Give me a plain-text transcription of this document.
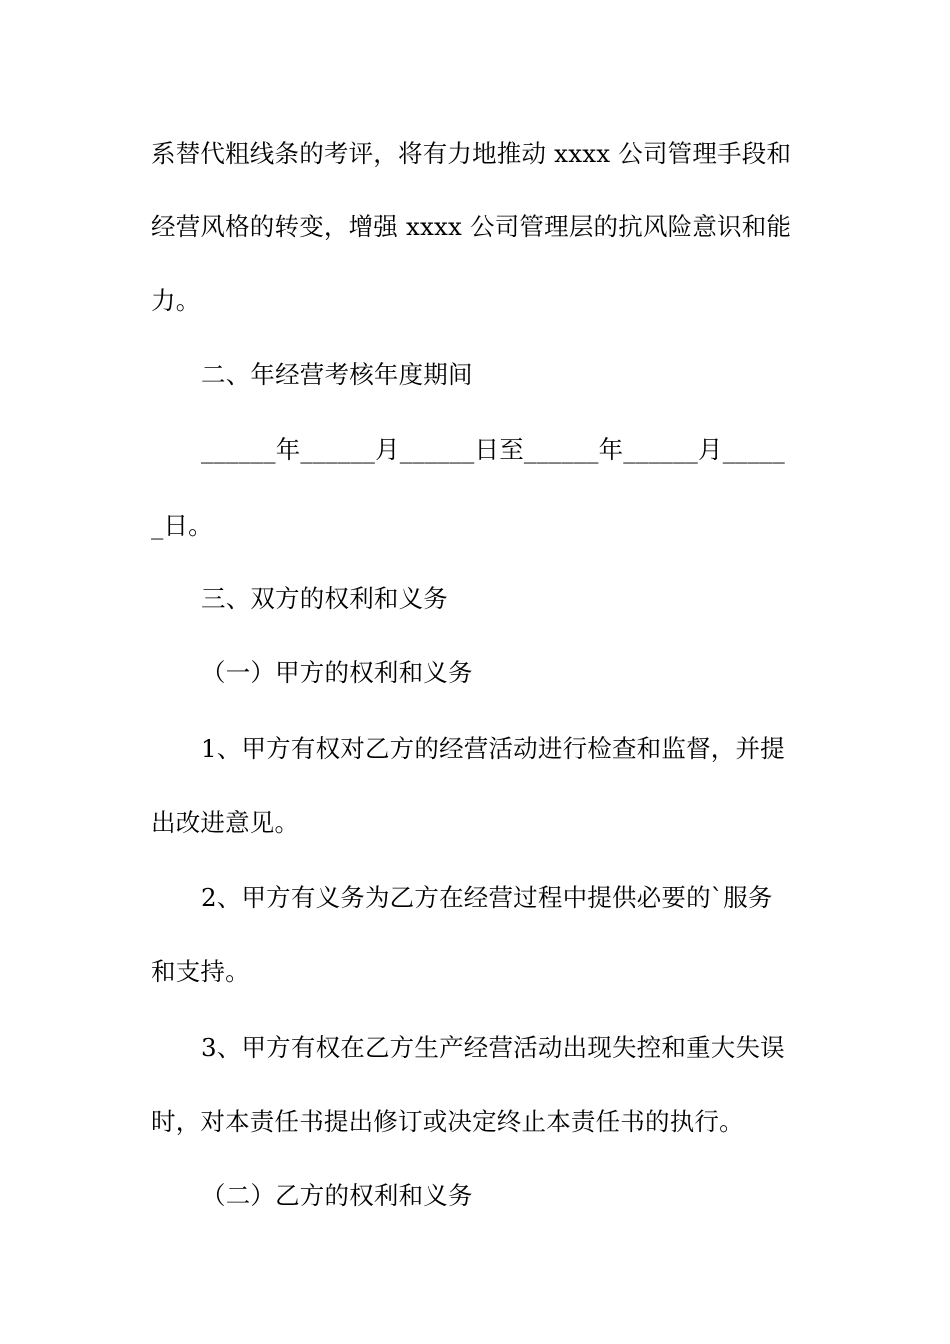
系替代粗线条的考评，将有力地推动 xxxx 公司管理手段和
经营风格的转变，增强 xxxx 公司管理层的抗风险意识和能
力。
二、年经营考核年度期间
______年______月______日至______年______月_____
_日。
三、双方的权利和义务
（一）甲方的权利和义务
1、甲方有权对乙方的经营活动进行检查和监督，并提
出改进意见。
2、甲方有义务为乙方在经营过程中提供必要的`服务
和支持。
3、甲方有权在乙方生产经营活动出现失控和重大失误
时，对本责任书提出修订或决定终止本责任书的执行。
（二）乙方的权利和义务
